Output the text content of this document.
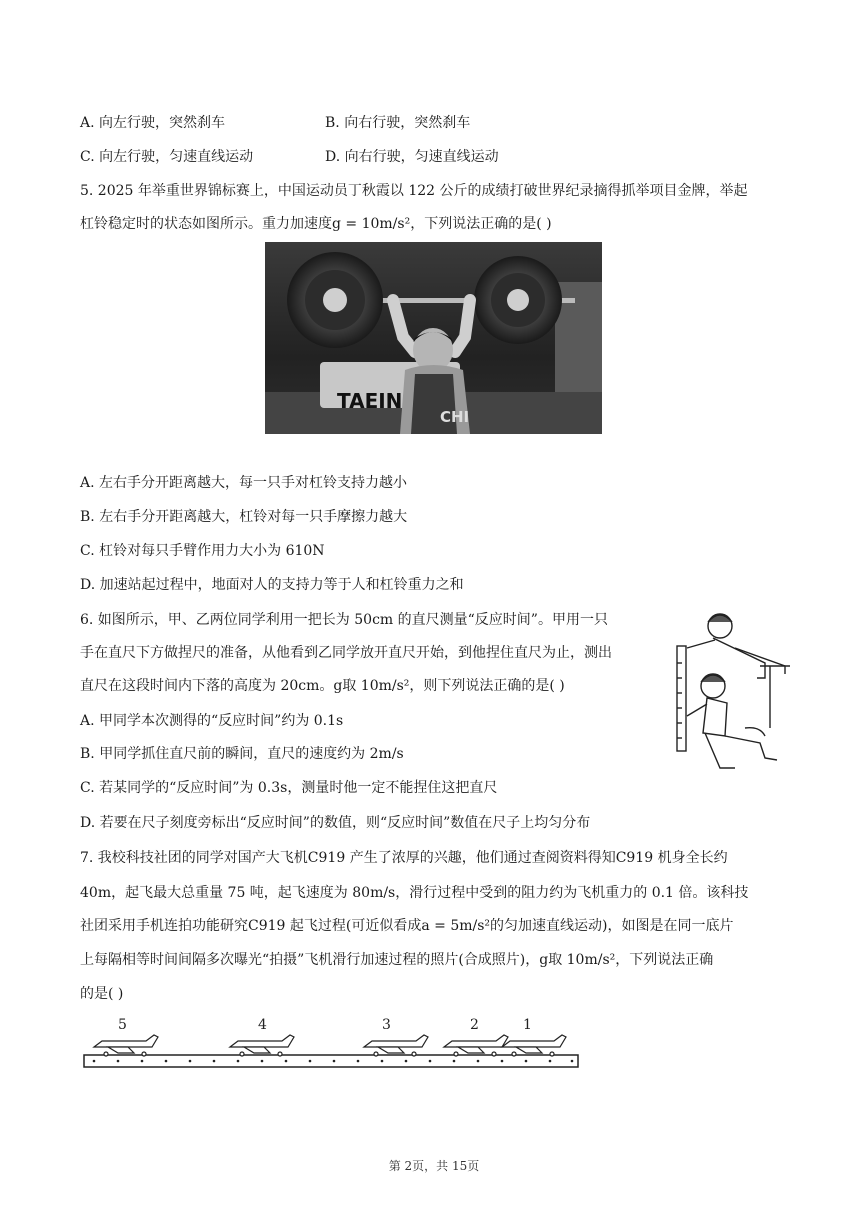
A. 向左行驶，突然刹车	B. 向右行驶，突然刹车
C. 向左行驶，匀速直线运动	D. 向右行驶，匀速直线运动
5. 2025 年举重世界锦标赛上，中国运动员丁秋霞以 122 公斤的成绩打破世界纪录摘得抓举项目金牌，举起
杠铃稳定时的状态如图所示。重力加速度g = 10m/s²，下列说法正确的是( )
TAEIN
CHI
A. 左右手分开距离越大，每一只手对杠铃支持力越小
B. 左右手分开距离越大，杠铃对每一只手摩擦力越大
C. 杠铃对每只手臂作用力大小为 610N
D. 加速站起过程中，地面对人的支持力等于人和杠铃重力之和
6. 如图所示，甲、乙两位同学利用一把长为 50cm 的直尺测量“反应时间”。甲用一只
手在直尺下方做捏尺的准备，从他看到乙同学放开直尺开始，到他捏住直尺为止，测出
直尺在这段时间内下落的高度为 20cm。g取 10m/s²，则下列说法正确的是( )
A. 甲同学本次测得的“反应时间”约为 0.1s
B. 甲同学抓住直尺前的瞬间，直尺的速度约为 2m/s
C. 若某同学的“反应时间”为 0.3s，测量时他一定不能捏住这把直尺
D. 若要在尺子刻度旁标出“反应时间”的数值，则“反应时间”数值在尺子上均匀分布
7. 我校科技社团的同学对国产大飞机C919 产生了浓厚的兴趣，他们通过查阅资料得知C919 机身全长约
40m，起飞最大总重量 75 吨，起飞速度为 80m/s，滑行过程中受到的阻力约为飞机重力的 0.1 倍。该科技
社团采用手机连拍功能研究C919 起飞过程(可近似看成a = 5m/s²的匀加速直线运动)，如图是在同一底片
上每隔相等时间间隔多次曝光“拍摄”飞机滑行加速过程的照片(合成照片)，g取 10m/s²，下列说法正确
的是( )
5	4	3	2	1
第 2页，共 15页
